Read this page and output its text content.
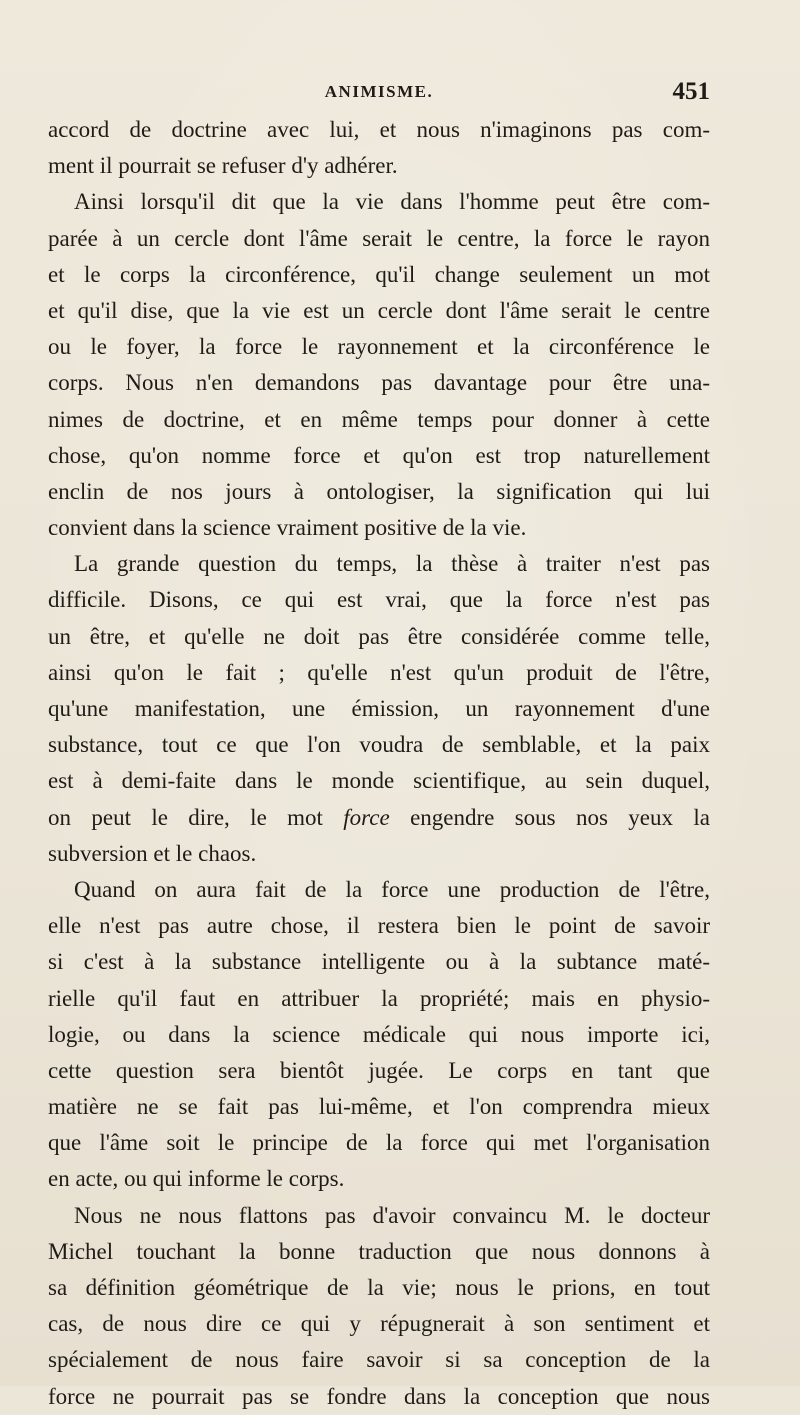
ANIMISME.	451

accord de doctrine avec lui, et nous n'imaginons pas com-
ment il pourrait se refuser d'y adhérer.

Ainsi lorsqu'il dit que la vie dans l'homme peut être com-
parée à un cercle dont l'âme serait le centre, la force le rayon
et le corps la circonférence, qu'il change seulement un mot
et qu'il dise, que la vie est un cercle dont l'âme serait le centre
ou le foyer, la force le rayonnement et la circonférence le
corps. Nous n'en demandons pas davantage pour être una-
nimes de doctrine, et en même temps pour donner à cette
chose, qu'on nomme force et qu'on est trop naturellement
enclin de nos jours à ontologiser, la signification qui lui
convient dans la science vraiment positive de la vie.

La grande question du temps, la thèse à traiter n'est pas
difficile. Disons, ce qui est vrai, que la force n'est pas
un être, et qu'elle ne doit pas être considérée comme telle,
ainsi qu'on le fait ; qu'elle n'est qu'un produit de l'être,
qu'une manifestation, une émission, un rayonnement d'une
substance, tout ce que l'on voudra de semblable, et la paix
est à demi-faite dans le monde scientifique, au sein duquel,
on peut le dire, le mot force engendre sous nos yeux la
subversion et le chaos.

Quand on aura fait de la force une production de l'être,
elle n'est pas autre chose, il restera bien le point de savoir
si c'est à la substance intelligente ou à la subtance maté-
rielle qu'il faut en attribuer la propriété; mais en physio-
logie, ou dans la science médicale qui nous importe ici,
cette question sera bientôt jugée. Le corps en tant que
matière ne se fait pas lui-même, et l'on comprendra mieux
que l'âme soit le principe de la force qui met l'organisation
en acte, ou qui informe le corps.

Nous ne nous flattons pas d'avoir convaincu M. le docteur
Michel touchant la bonne traduction que nous donnons à
sa définition géométrique de la vie; nous le prions, en tout
cas, de nous dire ce qui y répugnerait à son sentiment et
spécialement de nous faire savoir si sa conception de la
force ne pourrait pas se fondre dans la conception que nous
